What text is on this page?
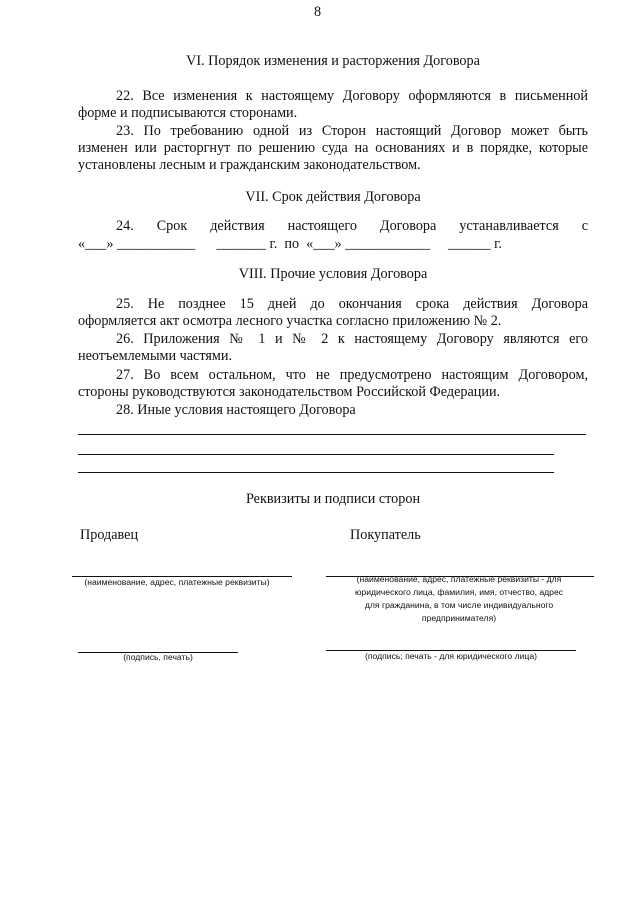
8
VI. Порядок изменения и расторжения Договора
22. Все изменения к настоящему Договору оформляются в письменной
форме и подписываются сторонами.
23. По требованию одной из Сторон настоящий Договор может быть
изменен или расторгнут по решению суда на основаниях и в порядке, которые
установлены лесным и гражданским законодательством.
VII. Срок действия Договора
24. Срок действия настоящего Договора устанавливается с
«___» ___________      _______ г.  по  «___» ____________     ______ г.
VIII. Прочие условия Договора
25. Не позднее 15 дней до окончания срока действия Договора
оформляется акт осмотра лесного участка согласно приложению № 2.
26. Приложения № 1 и № 2 к настоящему Договору являются его
неотъемлемыми частями.
27. Во всем остальном, что не предусмотрено настоящим Договором,
стороны руководствуются законодательством Российской Федерации.
28. Иные условия настоящего Договора
Реквизиты и подписи сторон
Продавец	Покупатель
(наименование, адрес, платежные реквизиты)
(подпись, печать)
(наименование, адрес, платежные реквизиты - для юридического лица, фамилия, имя, отчество, адрес для гражданина, в том числе индивидуального предпринимателя)
(подпись; печать - для юридического лица)
